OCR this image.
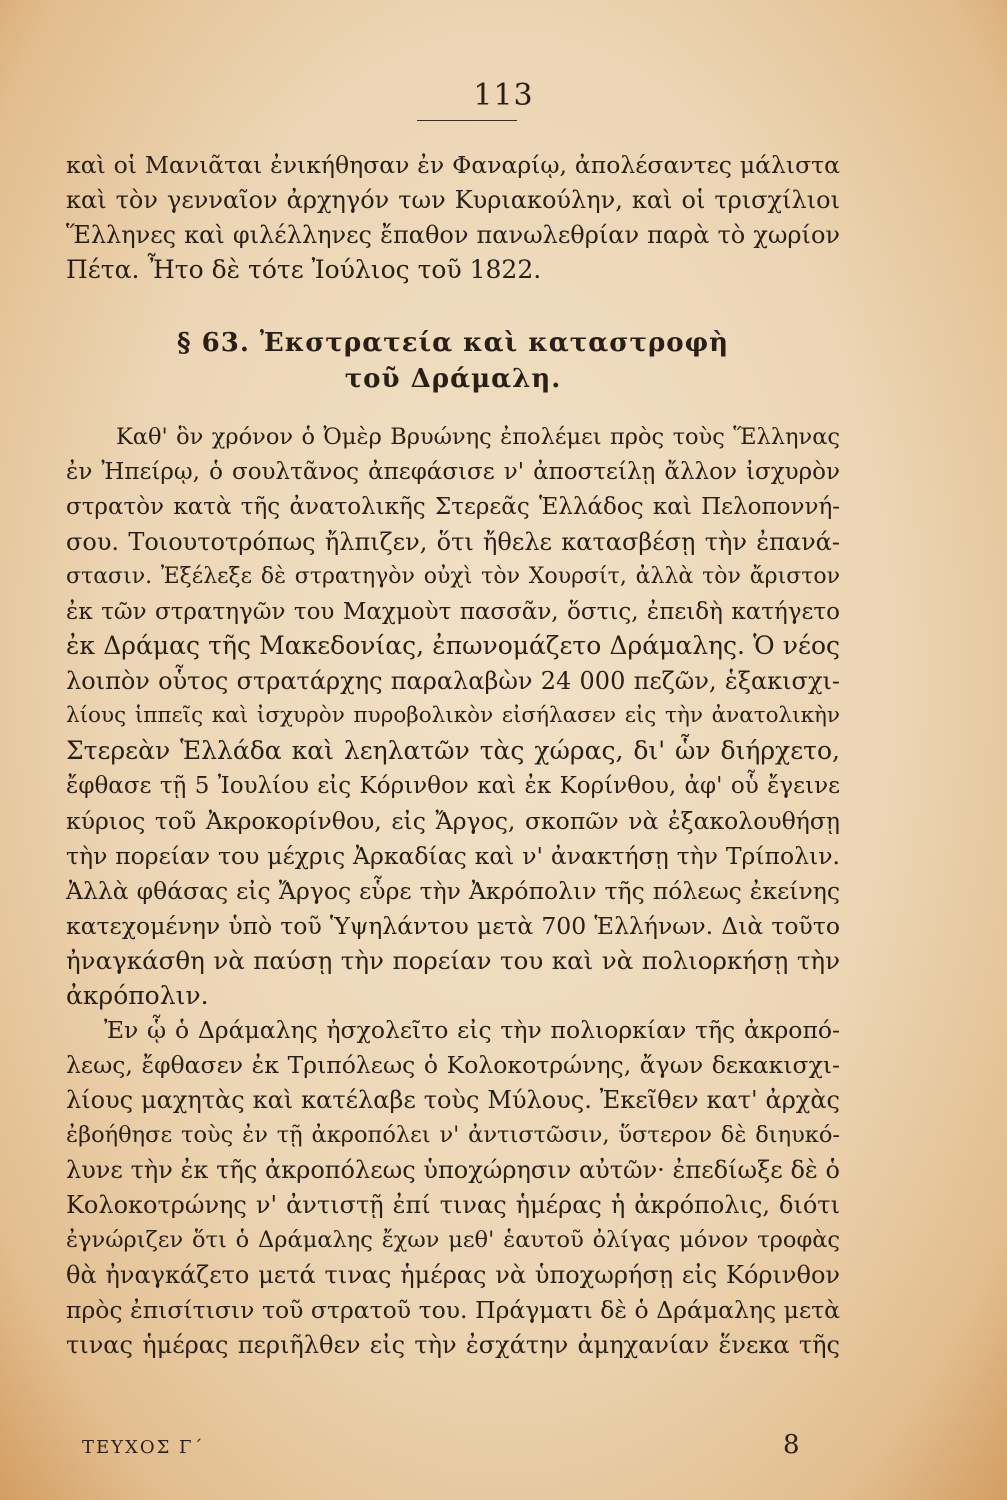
113
καὶ οἱ Μανιᾶται ἐνικήθησαν ἐν Φαναρίῳ, ἀπολέσαντες μάλιστα
καὶ τὸν γενναῖον ἀρχηγόν των Κυριακούλην, καὶ οἱ τρισχίλιοι
Ἕλληνες καὶ φιλέλληνες ἔπαθον πανωλεθρίαν παρὰ τὸ χωρίον
Πέτα. Ἦτο δὲ τότε Ἰούλιος τοῦ 1822.
§ 63. Ἐκστρατεία καὶ καταστροφὴ
τοῦ Δράμαλη.
Καθ' ὃν χρόνον ὁ Ὀμὲρ Βρυώνης ἐπολέμει πρὸς τοὺς Ἕλληνας
ἐν Ἠπείρῳ, ὁ σουλτᾶνος ἀπεφάσισε ν' ἀποστείλῃ ἄλλον ἰσχυρὸν
στρατὸν κατὰ τῆς ἀνατολικῆς Στερεᾶς Ἑλλάδος καὶ Πελοποννή-
σου. Τοιουτοτρόπως ἤλπιζεν, ὅτι ἤθελε κατασβέσῃ τὴν ἐπανά-
στασιν. Ἐξέλεξε δὲ στρατηγὸν οὐχὶ τὸν Χουρσίτ, ἀλλὰ τὸν ἄριστον
ἐκ τῶν στρατηγῶν του Μαχμοὺτ πασσᾶν, ὅστις, ἐπειδὴ κατήγετο
ἐκ Δράμας τῆς Μακεδονίας, ἐπωνομάζετο Δράμαλης. Ὁ νέος
λοιπὸν οὗτος στρατάρχης παραλαβὼν 24 000 πεζῶν, ἑξακισχι-
λίους ἱππεῖς καὶ ἰσχυρὸν πυροβολικὸν εἰσήλασεν εἰς τὴν ἀνατολικὴν
Στερεὰν Ἑλλάδα καὶ λεηλατῶν τὰς χώρας, δι' ὧν διήρχετο,
ἔφθασε τῇ 5 Ἰουλίου εἰς Κόρινθον καὶ ἐκ Κορίνθου, ἀφ' οὗ ἔγεινε
κύριος τοῦ Ἀκροκορίνθου, εἰς Ἄργος, σκοπῶν νὰ ἐξακολουθήσῃ
τὴν πορείαν του μέχρις Ἀρκαδίας καὶ ν' ἀνακτήσῃ τὴν Τρίπολιν.
Ἀλλὰ φθάσας εἰς Ἄργος εὗρε τὴν Ἀκρόπολιν τῆς πόλεως ἐκείνης
κατεχομένην ὑπὸ τοῦ Ὑψηλάντου μετὰ 700 Ἑλλήνων. Διὰ τοῦτο
ἠναγκάσθη νὰ παύσῃ τὴν πορείαν του καὶ νὰ πολιορκήσῃ τὴν
ἀκρόπολιν.
Ἐν ᾧ ὁ Δράμαλης ἠσχολεῖτο εἰς τὴν πολιορκίαν τῆς ἀκροπό-
λεως, ἔφθασεν ἐκ Τριπόλεως ὁ Κολοκοτρώνης, ἄγων δεκακισχι-
λίους μαχητὰς καὶ κατέλαβε τοὺς Μύλους. Ἐκεῖθεν κατ' ἀρχὰς
ἐβοήθησε τοὺς ἐν τῇ ἀκροπόλει ν' ἀντιστῶσιν, ὕστερον δὲ διηυκό-
λυνε τὴν ἐκ τῆς ἀκροπόλεως ὑποχώρησιν αὐτῶν· ἐπεδίωξε δὲ ὁ
Κολοκοτρώνης ν' ἀντιστῇ ἐπί τινας ἡμέρας ἡ ἀκρόπολις, διότι
ἐγνώριζεν ὅτι ὁ Δράμαλης ἔχων μεθ' ἑαυτοῦ ὀλίγας μόνον τροφὰς
θὰ ἠναγκάζετο μετά τινας ἡμέρας νὰ ὑποχωρήσῃ εἰς Κόρινθον
πρὸς ἐπισίτισιν τοῦ στρατοῦ του. Πράγματι δὲ ὁ Δράμαλης μετὰ
τινας ἡμέρας περιῆλθεν εἰς τὴν ἐσχάτην ἀμηχανίαν ἕνεκα τῆς
ΤΕΥΧΟΣ Γ΄	8
